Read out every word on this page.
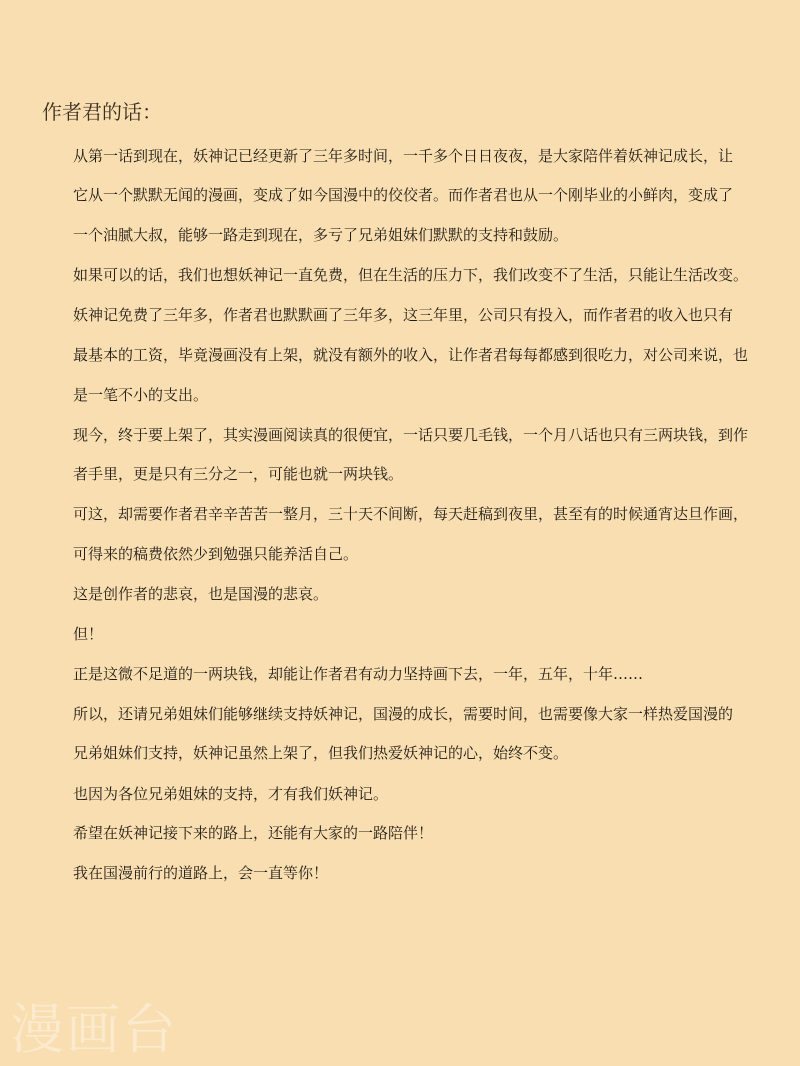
作者君的话：
从第一话到现在，妖神记已经更新了三年多时间，一千多个日日夜夜，是大家陪伴着妖神记成长，让
它从一个默默无闻的漫画，变成了如今国漫中的佼佼者。而作者君也从一个刚毕业的小鲜肉，变成了
一个油腻大叔，能够一路走到现在，多亏了兄弟姐妹们默默的支持和鼓励。
如果可以的话，我们也想妖神记一直免费，但在生活的压力下，我们改变不了生活，只能让生活改变。
妖神记免费了三年多，作者君也默默画了三年多，这三年里，公司只有投入，而作者君的收入也只有
最基本的工资，毕竟漫画没有上架，就没有额外的收入，让作者君每每都感到很吃力，对公司来说，也
是一笔不小的支出。
现今，终于要上架了，其实漫画阅读真的很便宜，一话只要几毛钱，一个月八话也只有三两块钱，到作
者手里，更是只有三分之一，可能也就一两块钱。
可这，却需要作者君辛辛苦苦一整月，三十天不间断，每天赶稿到夜里，甚至有的时候通宵达旦作画，
可得来的稿费依然少到勉强只能养活自己。
这是创作者的悲哀，也是国漫的悲哀。
但！
正是这微不足道的一两块钱，却能让作者君有动力坚持画下去，一年，五年，十年……
所以，还请兄弟姐妹们能够继续支持妖神记，国漫的成长，需要时间，也需要像大家一样热爱国漫的
兄弟姐妹们支持，妖神记虽然上架了，但我们热爱妖神记的心，始终不变。
也因为各位兄弟姐妹的支持，才有我们妖神记。
希望在妖神记接下来的路上，还能有大家的一路陪伴！
我在国漫前行的道路上，会一直等你！
漫画台
